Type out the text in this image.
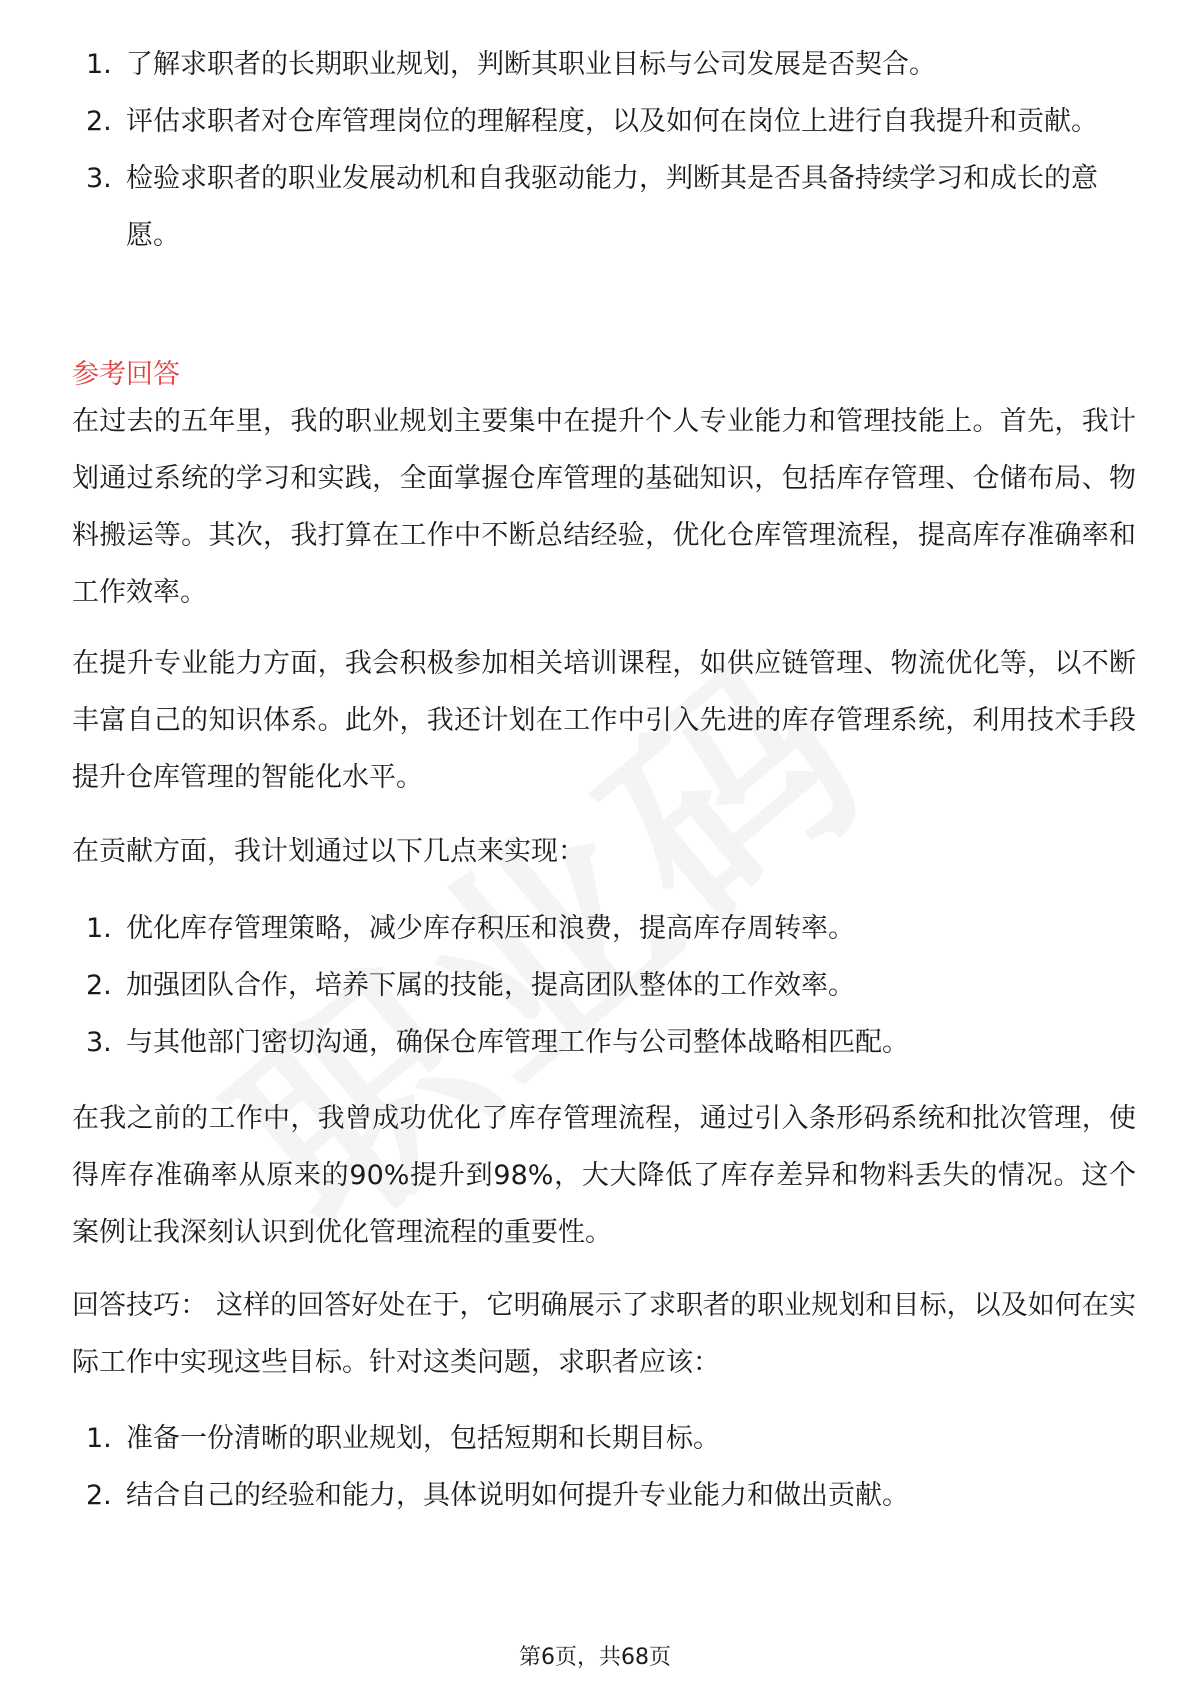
1. 了解求职者的长期职业规划，判断其职业目标与公司发展是否契合。
2. 评估求职者对仓库管理岗位的理解程度，以及如何在岗位上进行自我提升和贡献。
3. 检验求职者的职业发展动机和自我驱动能力，判断其是否具备持续学习和成长的意愿。
参考回答

在过去的五年里，我的职业规划主要集中在提升个人专业能力和管理技能上。首先，我计划通过系统的学习和实践，全面掌握仓库管理的基础知识，包括库存管理、仓储布局、物料搬运等。其次，我打算在工作中不断总结经验，优化仓库管理流程，提高库存准确率和工作效率。

在提升专业能力方面，我会积极参加相关培训课程，如供应链管理、物流优化等，以不断丰富自己的知识体系。此外，我还计划在工作中引入先进的库存管理系统，利用技术手段提升仓库管理的智能化水平。

在贡献方面，我计划通过以下几点来实现：

1. 优化库存管理策略，减少库存积压和浪费，提高库存周转率。
2. 加强团队合作，培养下属的技能，提高团队整体的工作效率。
3. 与其他部门密切沟通，确保仓库管理工作与公司整体战略相匹配。

在我之前的工作中，我曾成功优化了库存管理流程，通过引入条形码系统和批次管理，使得库存准确率从原来的90%提升到98%，大大降低了库存差异和物料丢失的情况。这个案例让我深刻认识到优化管理流程的重要性。

回答技巧： 这样的回答好处在于，它明确展示了求职者的职业规划和目标，以及如何在实际工作中实现这些目标。针对这类问题，求职者应该：

1. 准备一份清晰的职业规划，包括短期和长期目标。
2. 结合自己的经验和能力，具体说明如何提升专业能力和做出贡献。
第6页，共68页
